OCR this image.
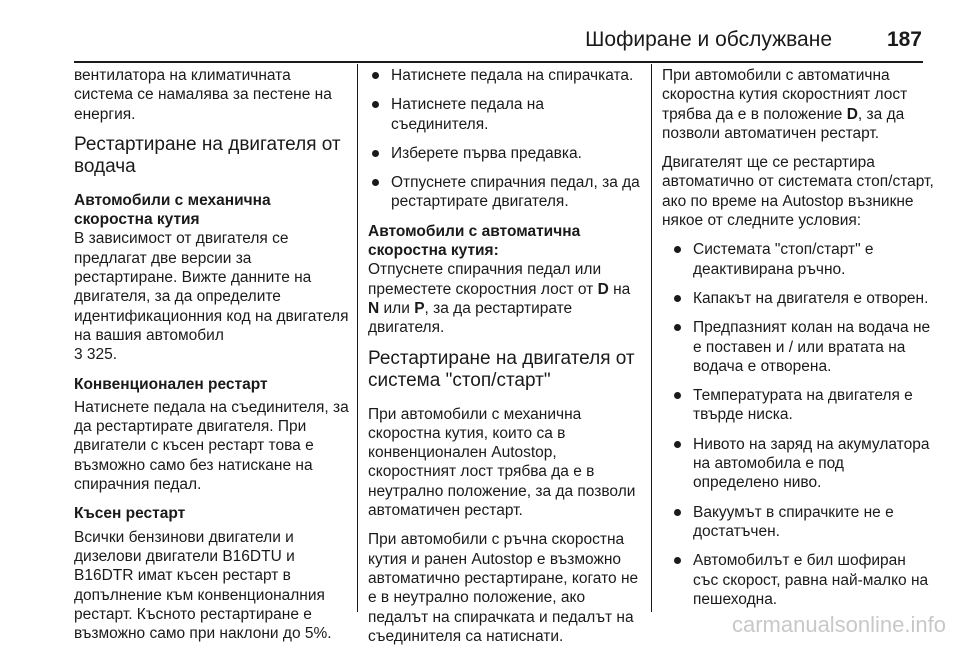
Шофиране и обслужване	187

вентилатора на климатичната система се намалява за пестене на енергия.

Рестартиране на двигателя от водача
Автомобили с механична скоростна кутия

В зависимост от двигателя се предлагат две версии за рестартиране. Вижте данните на двигателя, за да определите идентификационния код на двигателя на вашия автомобил
3 325.

Конвенционален рестарт

Натиснете педала на съединителя, за да рестартирате двигателя. При двигатели с късен рестарт това е възможно само без натискане на спирачния педал.

Късен рестарт

Всички бензинови двигатели и дизелови двигатели B16DTU и B16DTR имат късен рестарт в допълнение към конвенционалния рестарт. Късното рестартиране е възможно само при наклони до 5%.

Натиснете педала на спирачката.
Натиснете педала на съединителя.
Изберете първа предавка.
Отпуснете спирачния педал, за да рестартирате двигателя.
Автомобили с автоматична скоростна кутия:

Отпуснете спирачния педал или преместете скоростния лост от D на N или P, за да рестартирате двигателя.

Рестартиране на двигателя от система "стоп/старт"

При автомобили с механична скоростна кутия, които са в конвенционален Autostop, скоростният лост трябва да е в неутрално положение, за да позволи автоматичен рестарт.

При автомобили с ръчна скоростна кутия и ранен Autostop е възможно автоматично рестартиране, когато не е в неутрално положение, ако педалът на спирачката и педалът на съединителя са натиснати.

При автомобили с автоматична скоростна кутия скоростният лост трябва да е в положение D, за да позволи автоматичен рестарт.

Двигателят ще се рестартира автоматично от системата стоп/старт, ако по време на Autostop възникне някое от следните условия:

Системата "стоп/старт" е деактивирана ръчно.
Капакът на двигателя е отворен.
Предпазният колан на водача не е поставен и / или вратата на водача е отворена.
Температурата на двигателя е твърде ниска.
Нивото на заряд на акумулатора на автомобила е под определено ниво.
Вакуумът в спирачките не е достатъчен.
Автомобилът е бил шофиран със скорост, равна най-малко на пешеходна.
carmanualsonline.info
